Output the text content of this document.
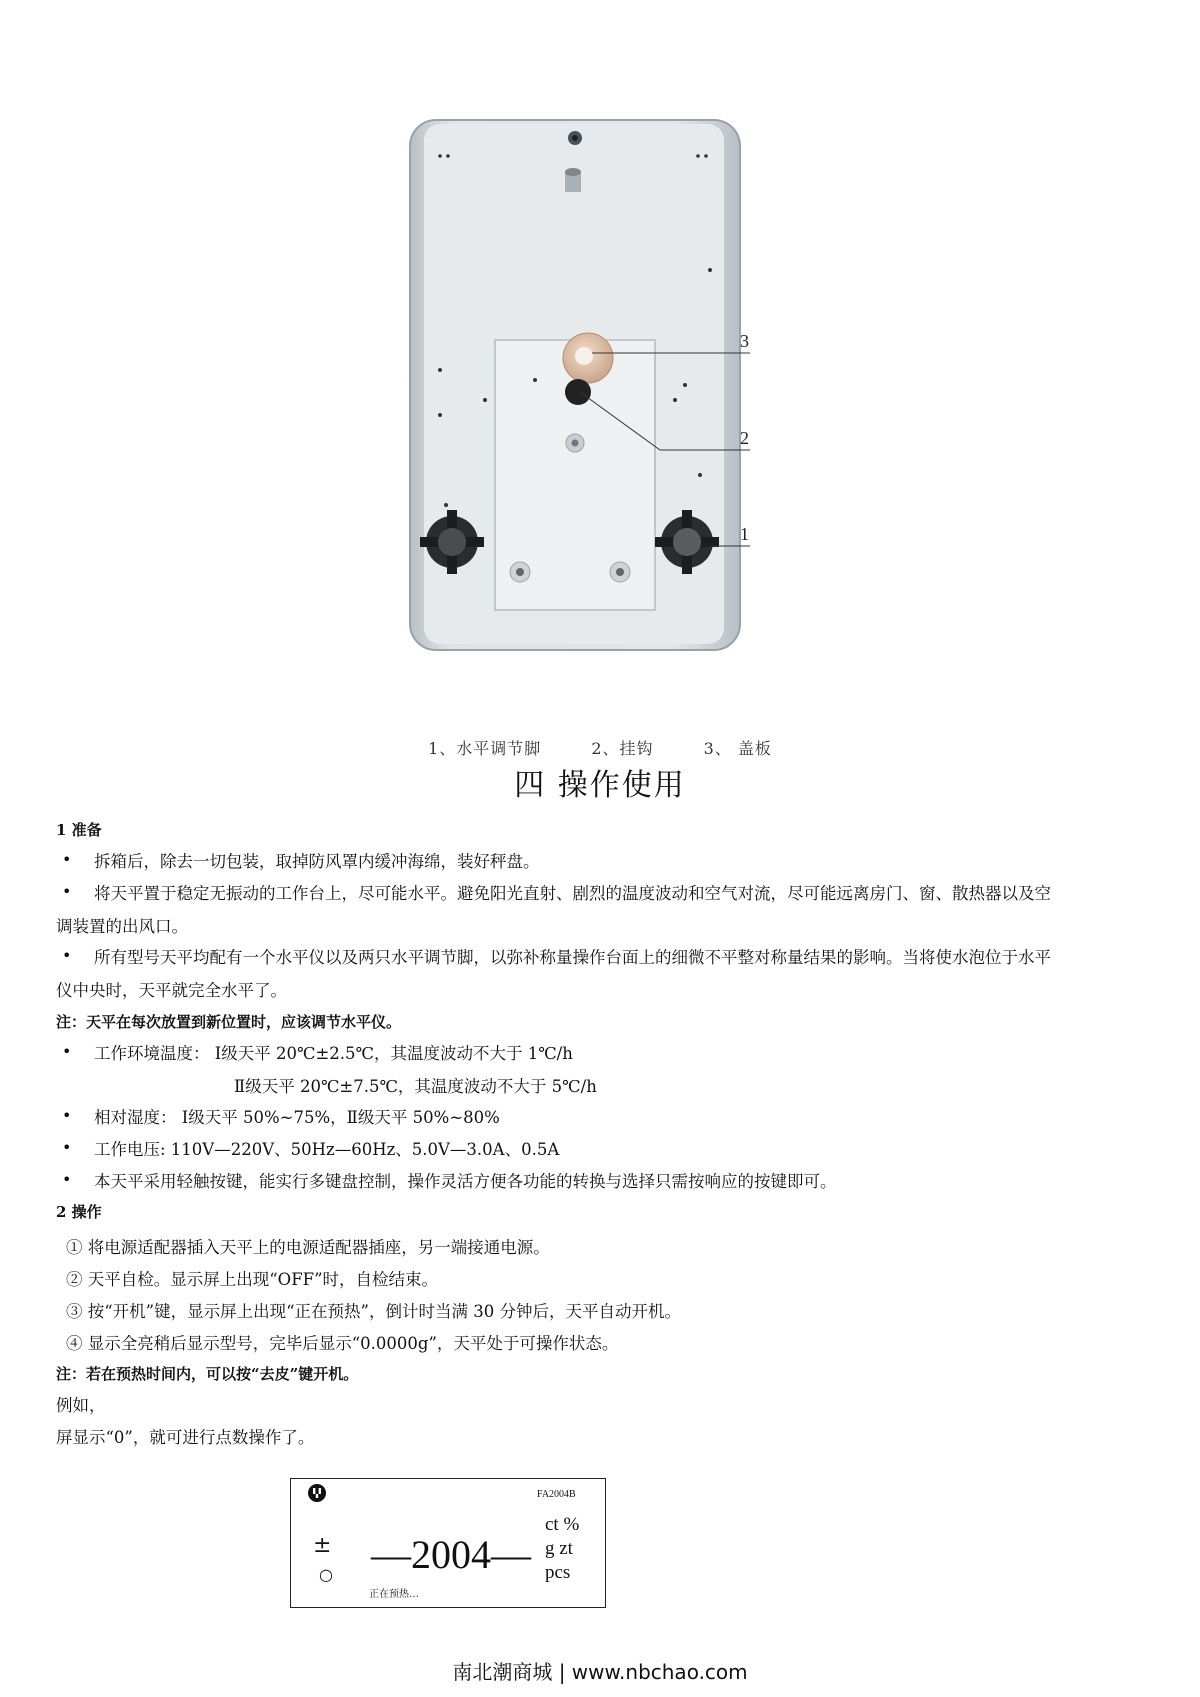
3
2
1
1、水平调节脚	2、挂钩	3、 盖板
四 操作使用
1 准备
• 拆箱后，除去一切包装，取掉防风罩内缓冲海绵，装好秤盘。
• 将天平置于稳定无振动的工作台上，尽可能水平。避免阳光直射、剧烈的温度波动和空气对流，尽可能远离房门、窗、散热器以及空
调装置的出风口。
• 所有型号天平均配有一个水平仪以及两只水平调节脚，以弥补称量操作台面上的细微不平整对称量结果的影响。当将使水泡位于水平
仪中央时，天平就完全水平了。
注：天平在每次放置到新位置时，应该调节水平仪。
• 工作环境温度： Ⅰ级天平 20℃±2.5℃，其温度波动不大于 1℃/h
Ⅱ级天平 20℃±7.5℃，其温度波动不大于 5℃/h
• 相对湿度： Ⅰ级天平 50%~75%，Ⅱ级天平 50%~80%
• 工作电压: 110V—220V、50Hz—60Hz、5.0V—3.0A、0.5A
• 本天平采用轻触按键，能实行多键盘控制，操作灵活方便各功能的转换与选择只需按响应的按键即可。
2 操作
① 将电源适配器插入天平上的电源适配器插座，另一端接通电源。
② 天平自检。显示屏上出现“OFF”时，自检结束。
③ 按“开机”键，显示屏上出现“正在预热”，倒计时当满 30 分钟后，天平自动开机。
④ 显示全亮稍后显示型号，完毕后显示“0.0000g”，天平处于可操作状态。
注：若在预热时间内，可以按“去皮”键开机。
例如，
屏显示“0”，就可进行点数操作了。
FA2004B
±
○ —2004—
正在预热…
ct %
g zt
pcs
南北潮商城 | www.nbchao.com
